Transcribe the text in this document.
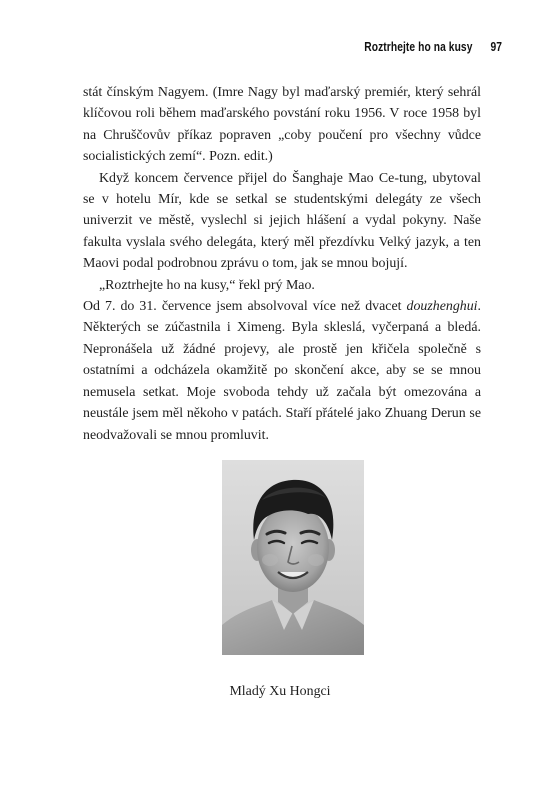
Roztrhejte ho na kusy 97

stát čínským Nagyem. (Imre Nagy byl maďarský premiér, který sehrál klíčovou roli během maďarského povstání roku 1956. V roce 1958 byl na Chruščovův příkaz popraven „coby poučení pro všechny vůdce socialistických zemí“. Pozn. edit.)

Když koncem července přijel do Šanghaje Mao Ce-tung, ubytoval se v hotelu Mír, kde se setkal se studentskými delegáty ze všech univerzit ve městě, vyslechl si jejich hlášení a vydal pokyny. Naše fakulta vyslala svého delegáta, který měl přezdívku Velký jazyk, a ten Maovi podal podrobnou zprávu o tom, jak se mnou bojují.

„Roztrhejte ho na kusy,“ řekl prý Mao.

Od 7. do 31. července jsem absolvoval více než dvacet douzhenghui. Některých se zúčastnila i Ximeng. Byla skleslá, vyčerpaná a bledá. Nepronášela už žádné projevy, ale prostě jen křičela společně s ostatními a odcházela okamžitě po skončení akce, aby se se mnou nemusela setkat. Moje svoboda tehdy už začala být omezována a neustále jsem měl někoho v patách. Staří přátelé jako Zhuang Derun se neodvažovali se mnou promluvit.

Mladý Xu Hongci
